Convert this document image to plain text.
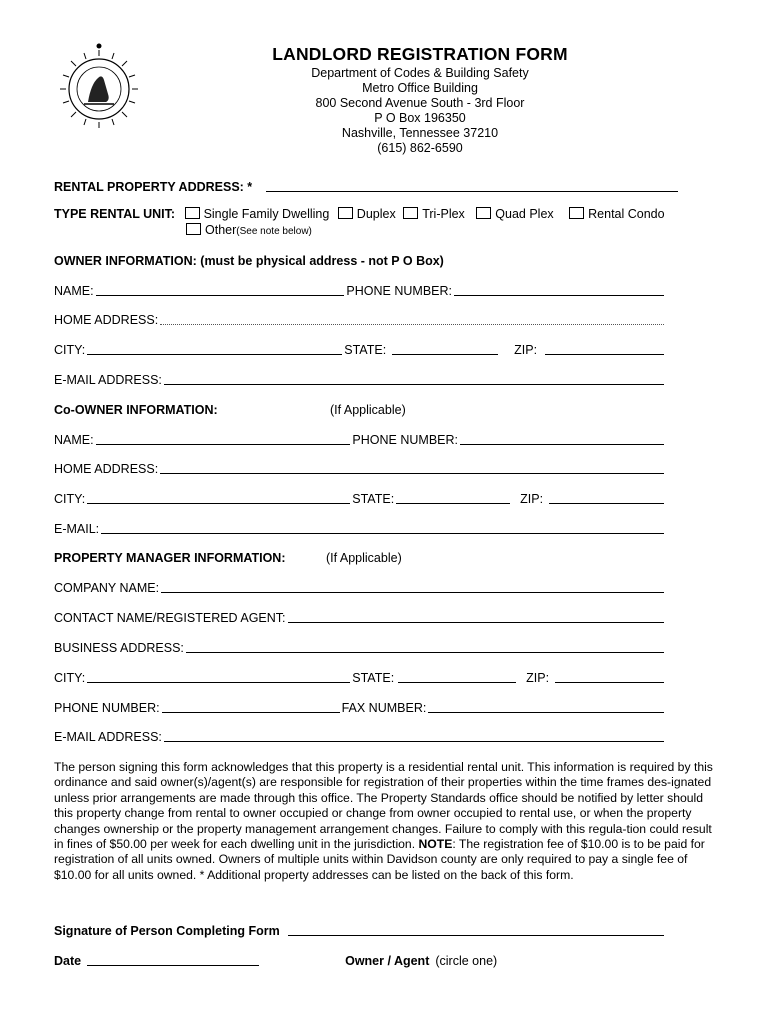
LANDLORD REGISTRATION FORM
Department of Codes & Building Safety
Metro Office Building
800 Second Avenue South - 3rd Floor
P O Box 196350
Nashville, Tennessee 37210
(615) 862-6590
RENTAL PROPERTY ADDRESS: *
TYPE RENTAL UNIT: Single Family Dwelling Duplex Tri-Plex Quad Plex	Rental Condo
Other(See note below)
OWNER INFORMATION: (must be physical address - not P O Box)
NAME:	PHONE NUMBER:
HOME ADDRESS:
CITY:	STATE:	ZIP:
E-MAIL ADDRESS:
Co-OWNER INFORMATION:	(If Applicable)
NAME:	PHONE NUMBER:
HOME ADDRESS:
CITY:	STATE:	ZIP:
E-MAIL:
PROPERTY MANAGER INFORMATION:	(If Applicable)
COMPANY NAME:
CONTACT NAME/REGISTERED AGENT:
BUSINESS ADDRESS:
CITY:	STATE:	ZIP:
PHONE NUMBER:	FAX NUMBER:
E-MAIL ADDRESS:
The person signing this form acknowledges that this property is a residential rental unit. This information is required by this ordinance and said owner(s)/agent(s) are responsible for registration of their properties within the time frames des-ignated unless prior arrangements are made through this office. The Property Standards office should be notified by letter should this property change from rental to owner occupied or change from owner occupied to rental use, or when the property changes ownership or the property management arrangement changes. Failure to comply with this regula-tion could result in fines of $50.00 per week for each dwelling unit in the jurisdiction. NOTE: The registration fee of $10.00 is to be paid for registration of all units owned. Owners of multiple units within Davidson county are only required to pay a single fee of $10.00 for all units owned. * Additional property addresses can be listed on the back of this form.
Signature of Person Completing Form
Date	Owner / Agent (circle one)
